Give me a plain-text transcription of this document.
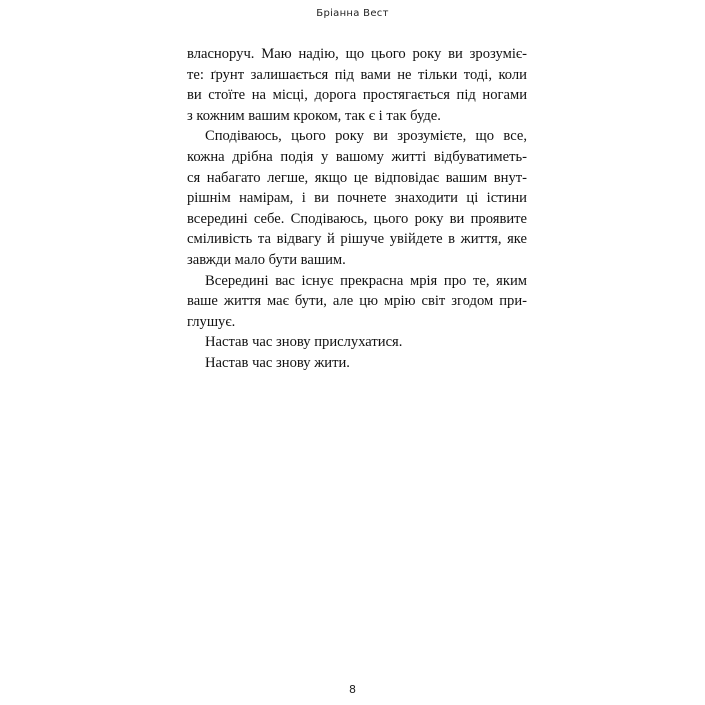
Бріанна Вест
власноруч. Маю надію, що цього року ви зрозуміє-
те: ґрунт залишається під вами не тільки тоді, коли
ви стоїте на місці, дорога простягається під ногами
з кожним вашим кроком, так є і так буде.
Сподіваюсь, цього року ви зрозумієте, що все,
кожна дрібна подія у вашому житті відбуватиметь-
ся набагато легше, якщо це відповідає вашим внут-
рішнім намірам, і ви почнете знаходити ці істини
всередині себе. Сподіваюсь, цього року ви проявите
сміливість та відвагу й рішуче увійдете в життя, яке
завжди мало бути вашим.
Всередині вас існує прекрасна мрія про те, яким
ваше життя має бути, але цю мрію світ згодом при-
глушує.
Настав час знову прислухатися.
Настав час знову жити.
8
